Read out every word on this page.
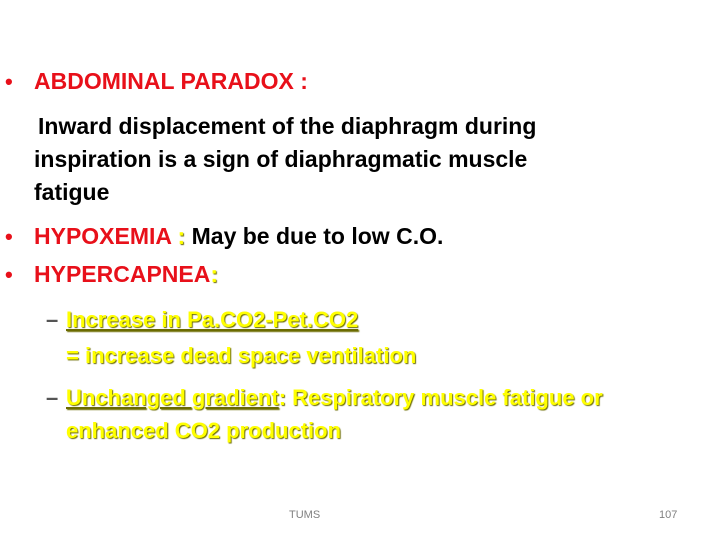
• ABDOMINAL PARADOX :
Inward displacement of the diaphragm during
inspiration is a sign of diaphragmatic muscle
fatigue
• HYPOXEMIA : May be due to low C.O.
• HYPERCAPNEA:
– Increase in Pa.CO2-Pet.CO2
= increase dead space ventilation
– Unchanged gradient: Respiratory muscle fatigue or
enhanced CO2 production
TUMS	107
